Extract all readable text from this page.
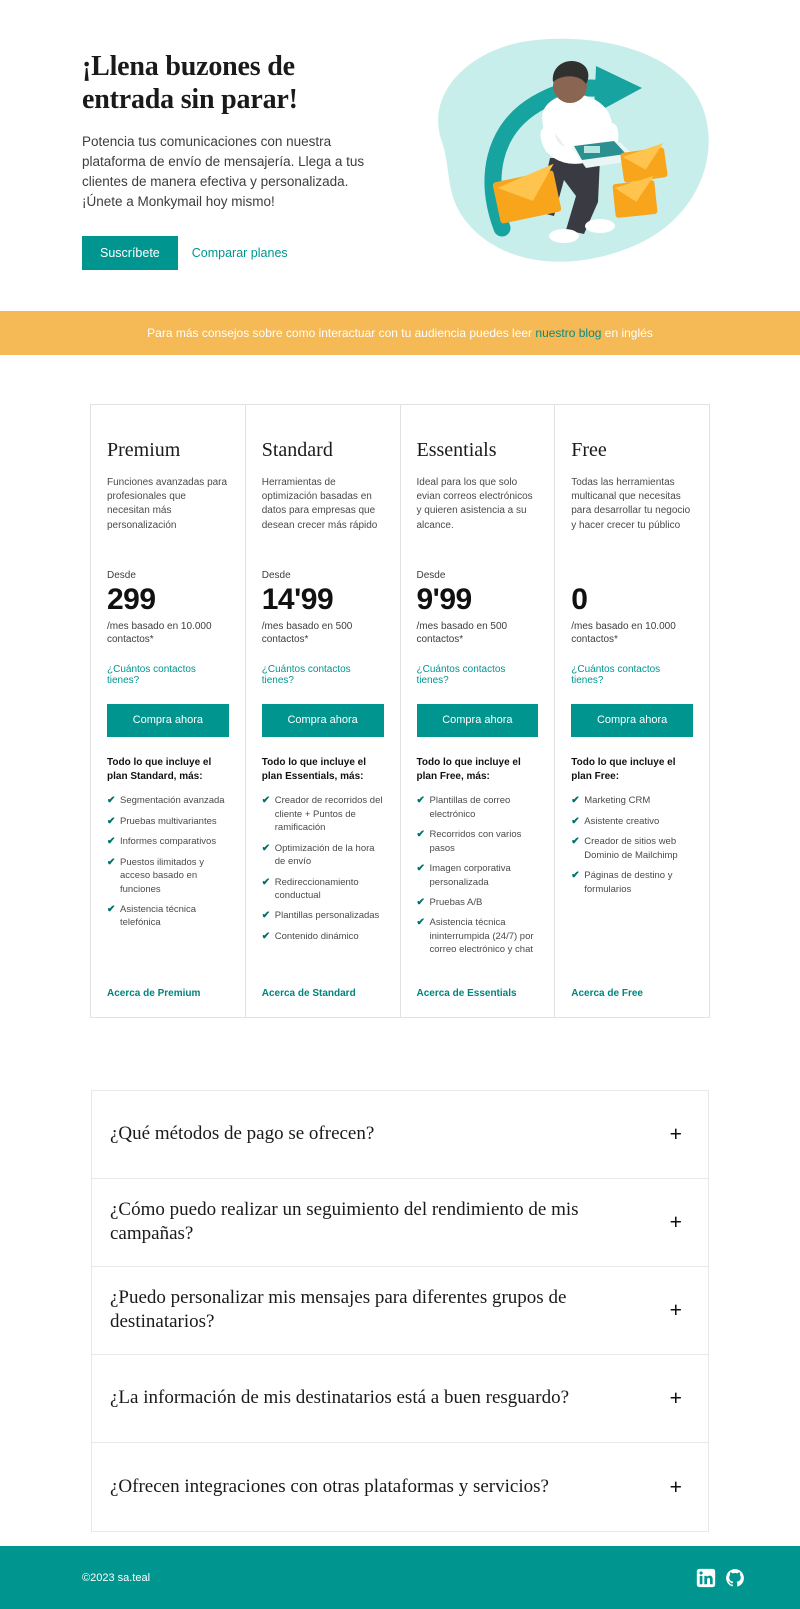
¡Llena buzones de
entrada sin parar!

Potencia tus comunicaciones con nuestra plataforma de envío de mensajería. Llega a tus clientes de manera efectiva y personalizada. ¡Únete a Monkymail hoy mismo!

Suscríbete	Comparar planes
Para más consejos sobre como interactuar con tu audiencia puedes leer nuestro blog en inglés
Premium
Funciones avanzadas para profesionales que necesitan más personalización
Desde
299
/mes basado en 10.000 contactos*
¿Cuántos contactos tienes?
Compra ahora
Todo lo que incluye el plan Standard, más:
✔ Segmentación avanzada
✔ Pruebas multivariantes
✔ Informes comparativos
✔ Puestos ilimitados y acceso basado en funciones
✔ Asistencia técnica telefónica
Acerca de Premium
Standard
Herramientas de optimización basadas en datos para empresas que desean crecer más rápido
Desde
14'99
/mes basado en 500 contactos*
¿Cuántos contactos tienes?
Compra ahora
Todo lo que incluye el plan Essentials, más:
✔ Creador de recorridos del cliente + Puntos de ramificación
✔ Optimización de la hora de envío
✔ Redireccionamiento conductual
✔ Plantillas personalizadas
✔ Contenido dinámico
Acerca de Standard
Essentials
Ideal para los que solo evian correos electrónicos y quieren asistencia a su alcance.
Desde
9'99
/mes basado en 500 contactos*
¿Cuántos contactos tienes?
Compra ahora
Todo lo que incluye el plan Free, más:
✔ Plantillas de correo electrónico
✔ Recorridos con varios pasos
✔ Imagen corporativa personalizada
✔ Pruebas A/B
✔ Asistencia técnica ininterrumpida (24/7) por correo electrónico y chat
Acerca de Essentials
Free
Todas las herramientas multicanal que necesitas para desarrollar tu negocio y hacer crecer tu público
0
/mes basado en 10.000 contactos*
¿Cuántos contactos tienes?
Compra ahora
Todo lo que incluye el plan Free:
✔ Marketing CRM
✔ Asistente creativo
✔ Creador de sitios web Dominio de Mailchimp
✔ Páginas de destino y formularios
Acerca de Free
¿Qué métodos de pago se ofrecen?	+
¿Cómo puedo realizar un seguimiento del rendimiento de mis campañas?	+
¿Puedo personalizar mis mensajes para diferentes grupos de destinatarios?	+
¿La información de mis destinatarios está a buen resguardo?	+
¿Ofrecen integraciones con otras plataformas y servicios?	+
©2023 sa.teal
